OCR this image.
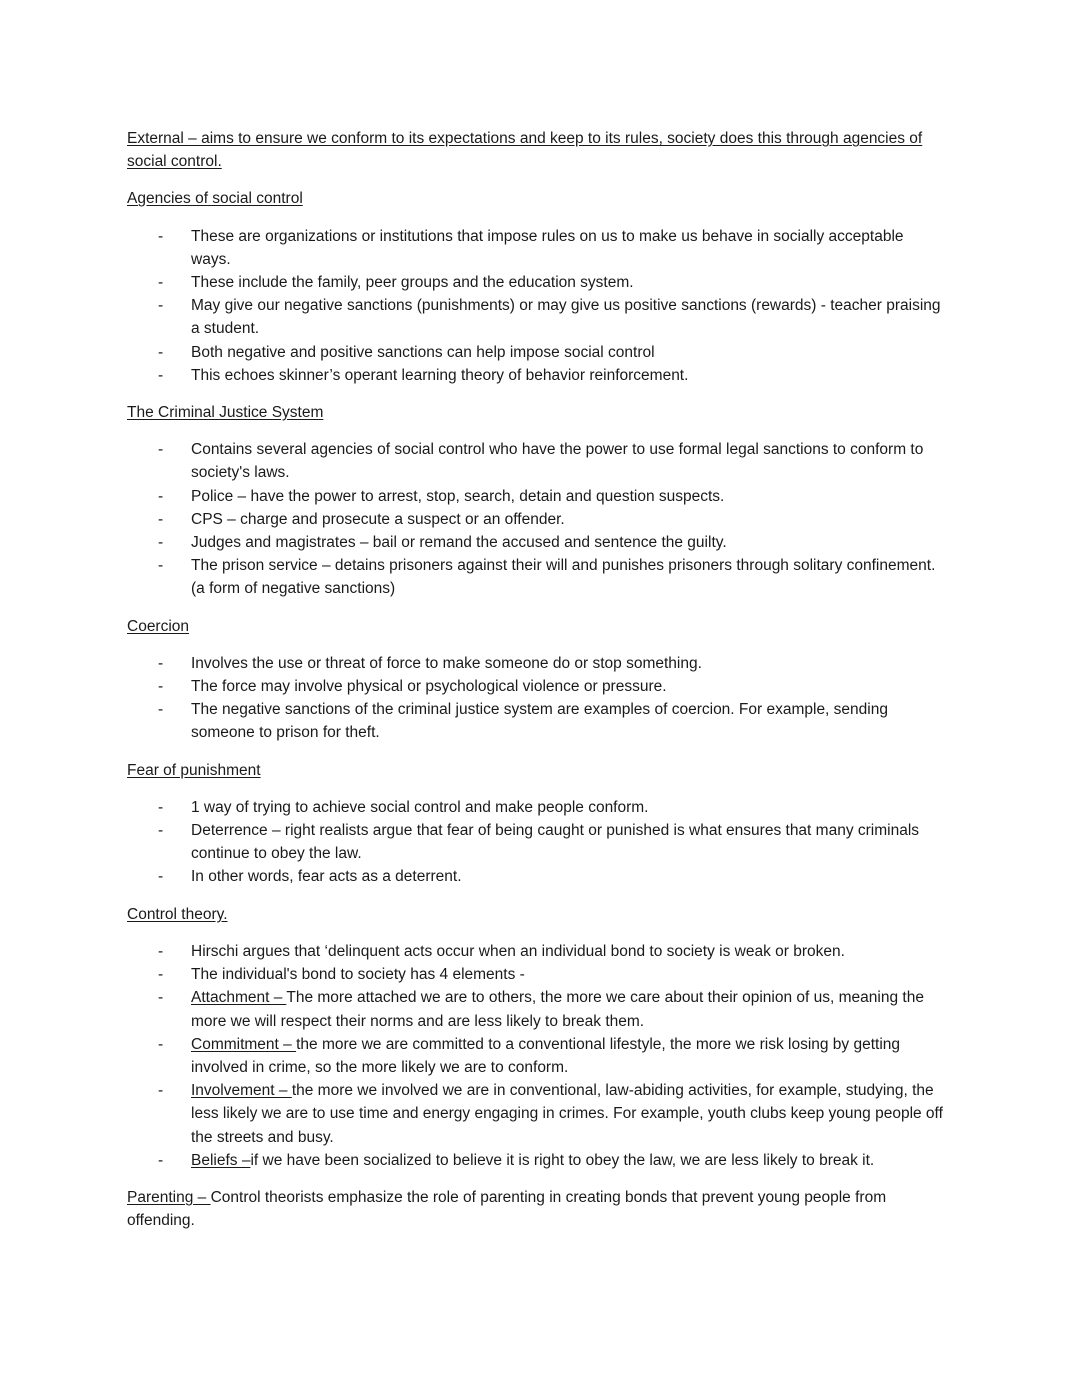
External – aims to ensure we conform to its expectations and keep to its rules, society does this through agencies of social control.

Agencies of social control

- These are organizations or institutions that impose rules on us to make us behave in socially acceptable ways.
- These include the family, peer groups and the education system.
- May give our negative sanctions (punishments) or may give us positive sanctions (rewards) - teacher praising a student.
- Both negative and positive sanctions can help impose social control
- This echoes skinner’s operant learning theory of behavior reinforcement.

The Criminal Justice System

- Contains several agencies of social control who have the power to use formal legal sanctions to conform to society's laws.
- Police – have the power to arrest, stop, search, detain and question suspects.
- CPS – charge and prosecute a suspect or an offender.
- Judges and magistrates – bail or remand the accused and sentence the guilty.
- The prison service – detains prisoners against their will and punishes prisoners through solitary confinement. (a form of negative sanctions)

Coercion

- Involves the use or threat of force to make someone do or stop something.
- The force may involve physical or psychological violence or pressure.
- The negative sanctions of the criminal justice system are examples of coercion. For example, sending someone to prison for theft.

Fear of punishment

- 1 way of trying to achieve social control and make people conform.
- Deterrence – right realists argue that fear of being caught or punished is what ensures that many criminals continue to obey the law.
- In other words, fear acts as a deterrent.

Control theory.

- Hirschi argues that ‘delinquent acts occur when an individual bond to society is weak or broken.
- The individual's bond to society has 4 elements -
- Attachment – The more attached we are to others, the more we care about their opinion of us, meaning the more we will respect their norms and are less likely to break them.
- Commitment – the more we are committed to a conventional lifestyle, the more we risk losing by getting involved in crime, so the more likely we are to conform.
- Involvement – the more we involved we are in conventional, law-abiding activities, for example, studying, the less likely we are to use time and energy engaging in crimes. For example, youth clubs keep young people off the streets and busy.
- Beliefs –if we have been socialized to believe it is right to obey the law, we are less likely to break it.

Parenting – Control theorists emphasize the role of parenting in creating bonds that prevent young people from offending.
